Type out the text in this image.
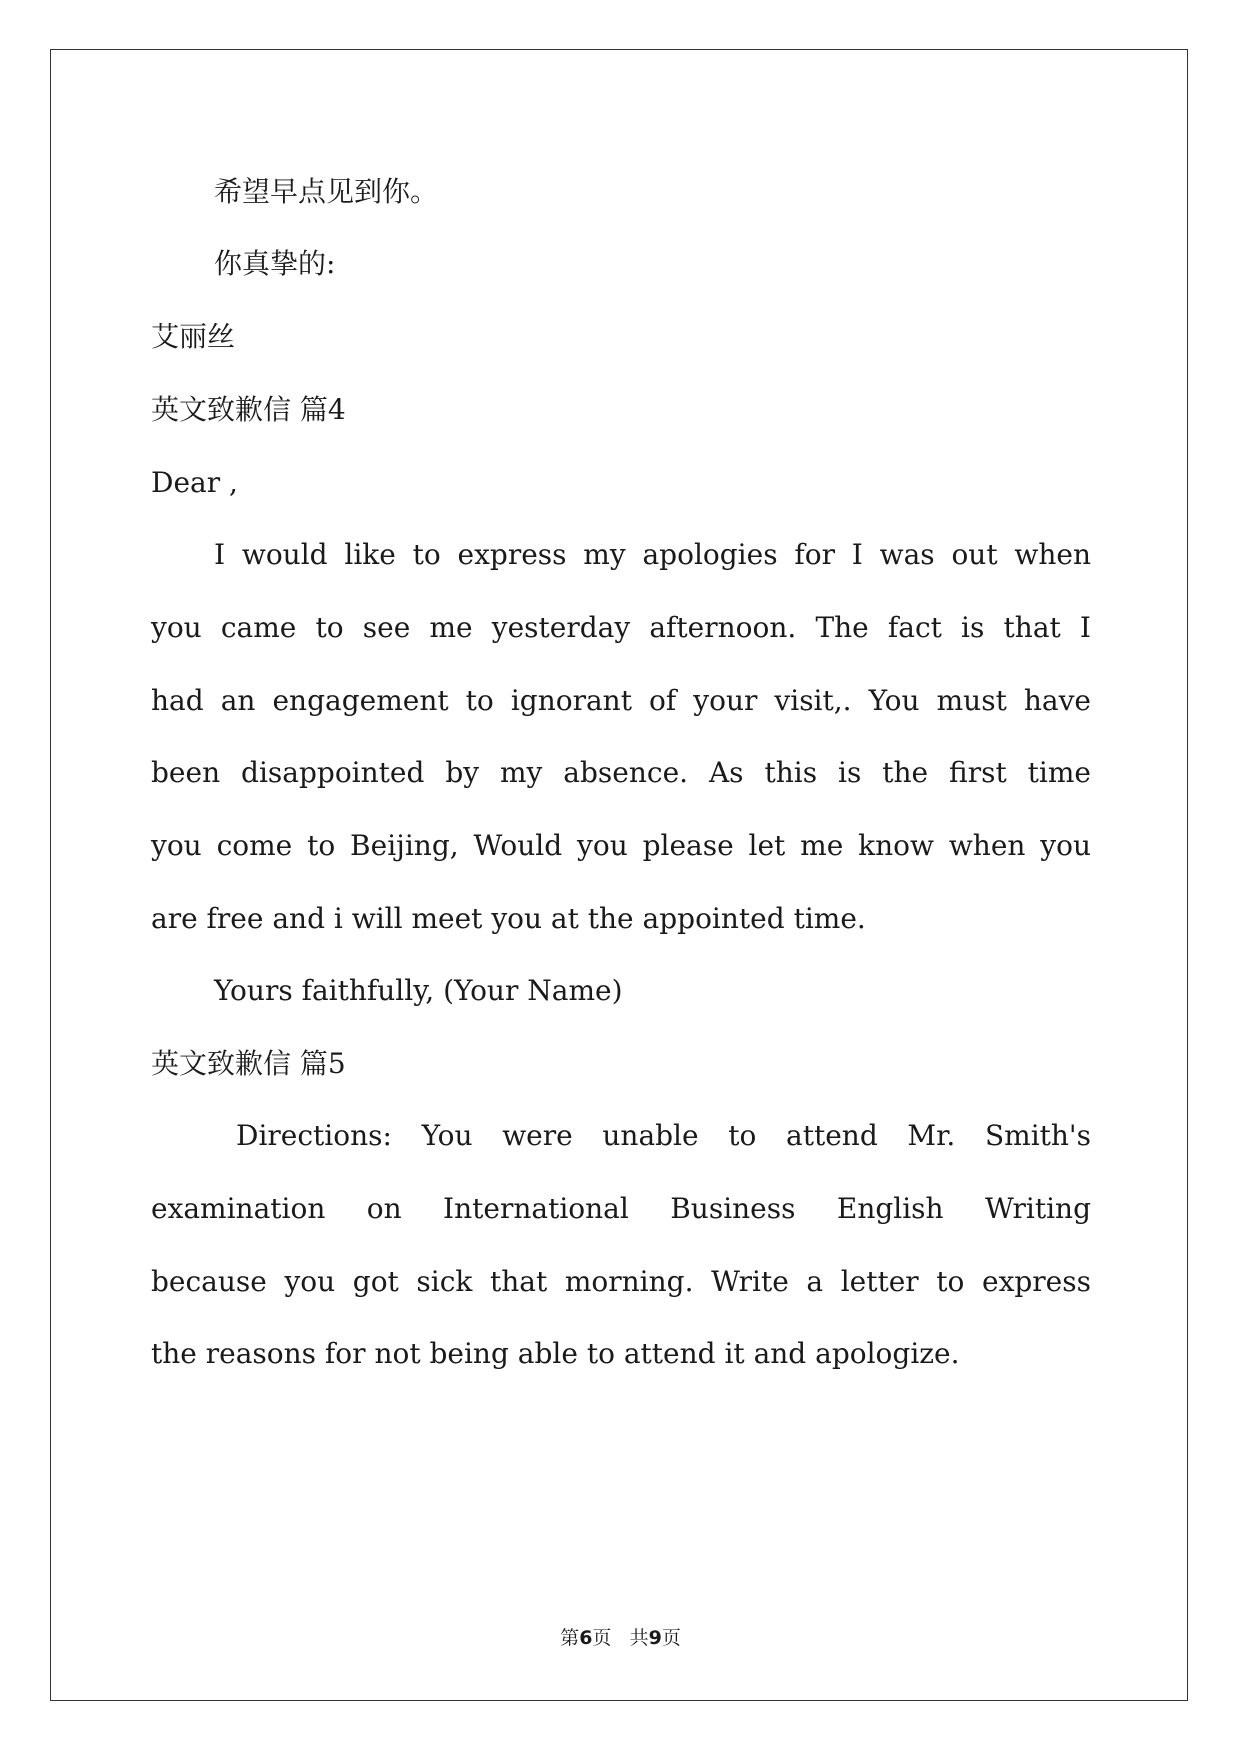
希望早点见到你。
你真挚的:
艾丽丝
英文致歉信 篇4
Dear ,
I would like to express my apologies for I was out when
you came to see me yesterday afternoon. The fact is that I
had an engagement to ignorant of your visit,. You must have
been disappointed by my absence. As this is the first time
you come to Beijing, Would you please let me know when you
are free and i will meet you at the appointed time.
Yours faithfully, (Your Name)
英文致歉信 篇5
Directions: You were unable to attend Mr. Smith's
examination on International Business English Writing
because you got sick that morning. Write a letter to express
the reasons for not being able to attend it and apologize.
第6页 共9页
